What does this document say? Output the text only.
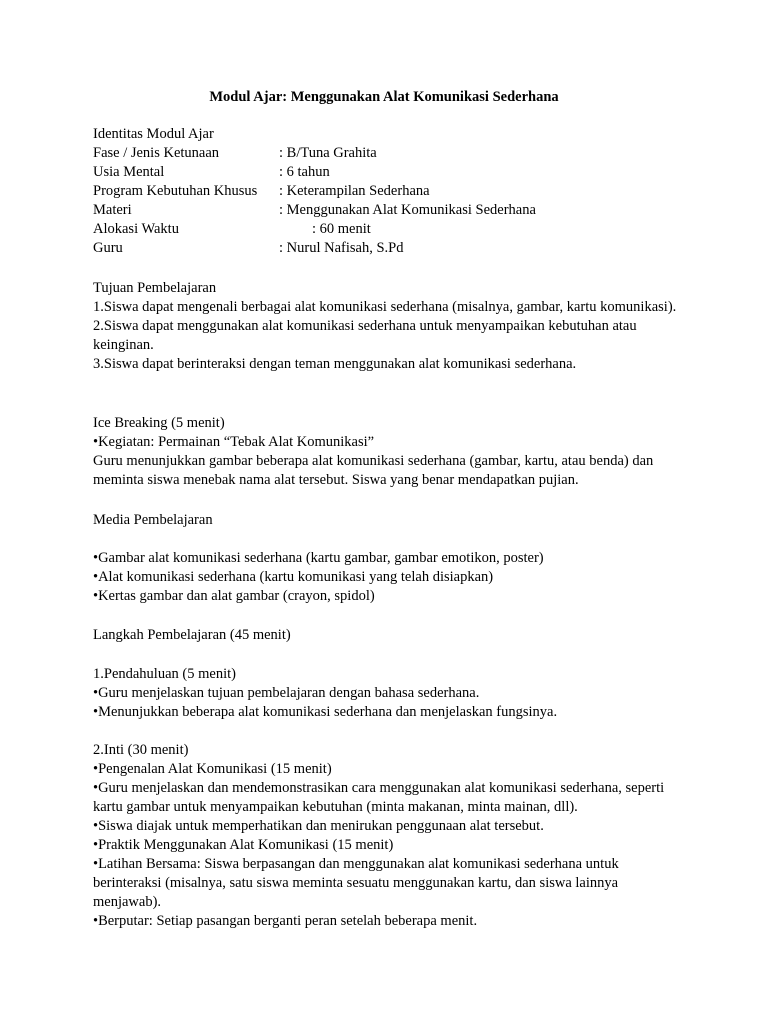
Modul Ajar: Menggunakan Alat Komunikasi Sederhana
Identitas Modul Ajar
Fase / Jenis Ketunaan	: B/Tuna Grahita
Usia Mental	: 6 tahun
Program Kebutuhan Khusus	: Keterampilan Sederhana
Materi	: Menggunakan Alat Komunikasi Sederhana
Alokasi Waktu	: 60 menit
Guru	: Nurul Nafisah, S.Pd
Tujuan Pembelajaran
1.Siswa dapat mengenali berbagai alat komunikasi sederhana (misalnya, gambar, kartu komunikasi).
2.Siswa dapat menggunakan alat komunikasi sederhana untuk menyampaikan kebutuhan atau keinginan.
3.Siswa dapat berinteraksi dengan teman menggunakan alat komunikasi sederhana.
Ice Breaking (5 menit)
•Kegiatan: Permainan “Tebak Alat Komunikasi”
Guru menunjukkan gambar beberapa alat komunikasi sederhana (gambar, kartu, atau benda) dan meminta siswa menebak nama alat tersebut. Siswa yang benar mendapatkan pujian.
Media Pembelajaran
•Gambar alat komunikasi sederhana (kartu gambar, gambar emotikon, poster)
•Alat komunikasi sederhana (kartu komunikasi yang telah disiapkan)
•Kertas gambar dan alat gambar (crayon, spidol)
Langkah Pembelajaran (45 menit)
1.Pendahuluan (5 menit)
•Guru menjelaskan tujuan pembelajaran dengan bahasa sederhana.
•Menunjukkan beberapa alat komunikasi sederhana dan menjelaskan fungsinya.
2.Inti (30 menit)
•Pengenalan Alat Komunikasi (15 menit)
•Guru menjelaskan dan mendemonstrasikan cara menggunakan alat komunikasi sederhana, seperti kartu gambar untuk menyampaikan kebutuhan (minta makanan, minta mainan, dll).
•Siswa diajak untuk memperhatikan dan menirukan penggunaan alat tersebut.
•Praktik Menggunakan Alat Komunikasi (15 menit)
•Latihan Bersama: Siswa berpasangan dan menggunakan alat komunikasi sederhana untuk berinteraksi (misalnya, satu siswa meminta sesuatu menggunakan kartu, dan siswa lainnya menjawab).
•Berputar: Setiap pasangan berganti peran setelah beberapa menit.
